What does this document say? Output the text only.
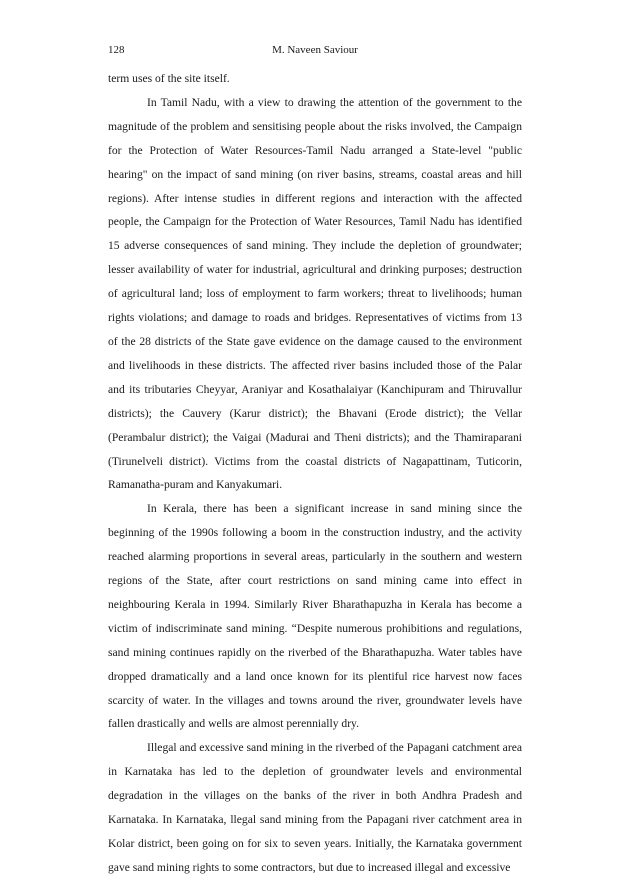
128	M. Naveen Saviour

term uses of the site itself.

In Tamil Nadu, with a view to drawing the attention of the government to the magnitude of the problem and sensitising people about the risks involved, the Campaign for the Protection of Water Resources-Tamil Nadu arranged a State-level "public hearing" on the impact of sand mining (on river basins, streams, coastal areas and hill regions). After intense studies in different regions and interaction with the affected people, the Campaign for the Protection of Water Resources, Tamil Nadu has identified 15 adverse consequences of sand mining. They include the depletion of groundwater; lesser availability of water for industrial, agricultural and drinking purposes; destruction of agricultural land; loss of employment to farm workers; threat to livelihoods; human rights violations; and damage to roads and bridges. Representatives of victims from 13 of the 28 districts of the State gave evidence on the damage caused to the environment and livelihoods in these districts. The affected river basins included those of the Palar and its tributaries Cheyyar, Araniyar and Kosathalaiyar (Kanchipuram and Thiruvallur districts); the Cauvery (Karur district); the Bhavani (Erode district); the Vellar (Perambalur district); the Vaigai (Madurai and Theni districts); and the Thamiraparani (Tirunelveli district). Victims from the coastal districts of Nagapattinam, Tuticorin, Ramanatha-puram and Kanyakumari.

In Kerala, there has been a significant increase in sand mining since the beginning of the 1990s following a boom in the construction industry, and the activity reached alarming proportions in several areas, particularly in the southern and western regions of the State, after court restrictions on sand mining came into effect in neighbouring Kerala in 1994. Similarly River Bharathapuzha in Kerala has become a victim of indiscriminate sand mining. “Despite numerous prohibitions and regulations, sand mining continues rapidly on the riverbed of the Bharathapuzha. Water tables have dropped dramatically and a land once known for its plentiful rice harvest now faces scarcity of water. In the villages and towns around the river, groundwater levels have fallen drastically and wells are almost perennially dry.

Illegal and excessive sand mining in the riverbed of the Papagani catchment area in Karnataka has led to the depletion of groundwater levels and environmental degradation in the villages on the banks of the river in both Andhra Pradesh and Karnataka. In Karnataka, llegal sand mining from the Papagani river catchment area in Kolar district, been going on for six to seven years. Initially, the Karnataka government gave sand mining rights to some contractors, but due to increased illegal and excessive
